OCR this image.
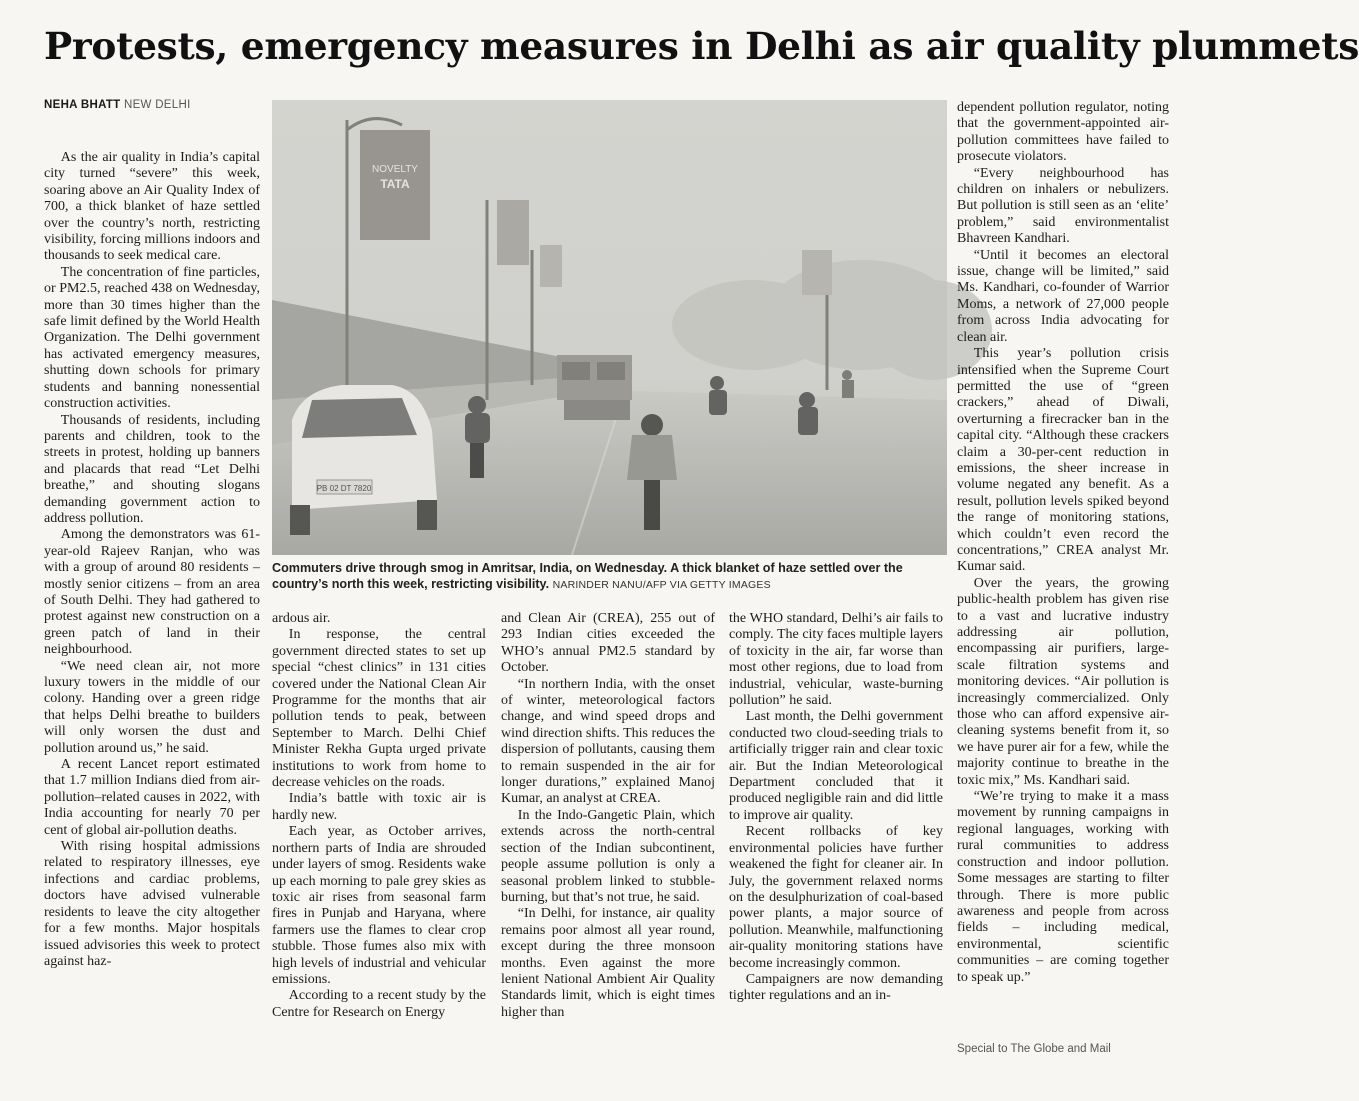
Protests, emergency measures in Delhi as air quality plummets
NEHA BHATT NEW DELHI

As the air quality in India’s capital city turned “severe” this week, soaring above an Air Quality Index of 700, a thick blanket of haze settled over the country’s north, restricting visibility, forcing millions indoors and thousands to seek medical care.

The concentration of fine particles, or PM2.5, reached 438 on Wednesday, more than 30 times higher than the safe limit defined by the World Health Organization. The Delhi government has activated emergency measures, shutting down schools for primary students and banning nonessential construction activities.

Thousands of residents, including parents and children, took to the streets in protest, holding up banners and placards that read “Let Delhi breathe,” and shouting slogans demanding government action to address pollution.

Among the demonstrators was 61-year-old Rajeev Ranjan, who was with a group of around 80 residents – mostly senior citizens – from an area of South Delhi. They had gathered to protest against new construction on a green patch of land in their neighbourhood.

“We need clean air, not more luxury towers in the middle of our colony. Handing over a green ridge that helps Delhi breathe to builders will only worsen the dust and pollution around us,” he said.

A recent Lancet report estimated that 1.7 million Indians died from air-pollution–related causes in 2022, with India accounting for nearly 70 per cent of global air-pollution deaths.

With rising hospital admissions related to respiratory illnesses, eye infections and cardiac problems, doctors have advised vulnerable residents to leave the city altogether for a few months. Major hospitals issued advisories this week to protect against haz-

NOVELTY
TATA
PB 02 DT 7820
Commuters drive through smog in Amritsar, India, on Wednesday. A thick blanket of haze settled over the country’s north this week, restricting visibility. NARINDER NANU/AFP VIA GETTY IMAGES

ardous air.

In response, the central government directed states to set up special “chest clinics” in 131 cities covered under the National Clean Air Programme for the months that air pollution tends to peak, between September to March. Delhi Chief Minister Rekha Gupta urged private institutions to work from home to decrease vehicles on the roads.

India’s battle with toxic air is hardly new.

Each year, as October arrives, northern parts of India are shrouded under layers of smog. Residents wake up each morning to pale grey skies as toxic air rises from seasonal farm fires in Punjab and Haryana, where farmers use the flames to clear crop stubble. Those fumes also mix with high levels of industrial and vehicular emissions.

According to a recent study by the Centre for Research on Energy

and Clean Air (CREA), 255 out of 293 Indian cities exceeded the WHO’s annual PM2.5 standard by October.

“In northern India, with the onset of winter, meteorological factors change, and wind speed drops and wind direction shifts. This reduces the dispersion of pollutants, causing them to remain suspended in the air for longer durations,” explained Manoj Kumar, an analyst at CREA.

In the Indo-Gangetic Plain, which extends across the north-central section of the Indian subcontinent, people assume pollution is only a seasonal problem linked to stubble-burning, but that’s not true, he said.

“In Delhi, for instance, air quality remains poor almost all year round, except during the three monsoon months. Even against the more lenient National Ambient Air Quality Standards limit, which is eight times higher than

the WHO standard, Delhi’s air fails to comply. The city faces multiple layers of toxicity in the air, far worse than most other regions, due to load from industrial, vehicular, waste-burning pollution” he said.

Last month, the Delhi government conducted two cloud-seeding trials to artificially trigger rain and clear toxic air. But the Indian Meteorological Department concluded that it produced negligible rain and did little to improve air quality.

Recent rollbacks of key environmental policies have further weakened the fight for cleaner air. In July, the government relaxed norms on the desulphurization of coal-based power plants, a major source of pollution. Meanwhile, malfunctioning air-quality monitoring stations have become increasingly common.

Campaigners are now demanding tighter regulations and an in-

dependent pollution regulator, noting that the government-appointed air-pollution committees have failed to prosecute violators.

“Every neighbourhood has children on inhalers or nebulizers. But pollution is still seen as an ‘elite’ problem,” said environmentalist Bhavreen Kandhari.

“Until it becomes an electoral issue, change will be limited,” said Ms. Kandhari, co-founder of Warrior Moms, a network of 27,000 people from across India advocating for clean air.

This year’s pollution crisis intensified when the Supreme Court permitted the use of “green crackers,” ahead of Diwali, overturning a firecracker ban in the capital city. “Although these crackers claim a 30-per-cent reduction in emissions, the sheer increase in volume negated any benefit. As a result, pollution levels spiked beyond the range of monitoring stations, which couldn’t even record the concentrations,” CREA analyst Mr. Kumar said.

Over the years, the growing public-health problem has given rise to a vast and lucrative industry addressing air pollution, encompassing air purifiers, large-scale filtration systems and monitoring devices. “Air pollution is increasingly commercialized. Only those who can afford expensive air-cleaning systems benefit from it, so we have purer air for a few, while the majority continue to breathe in the toxic mix,” Ms. Kandhari said.

“We’re trying to make it a mass movement by running campaigns in regional languages, working with rural communities to address construction and indoor pollution. Some messages are starting to filter through. There is more public awareness and people from across fields – including medical, environmental, scientific communities – are coming together to speak up.”

Special to The Globe and Mail
